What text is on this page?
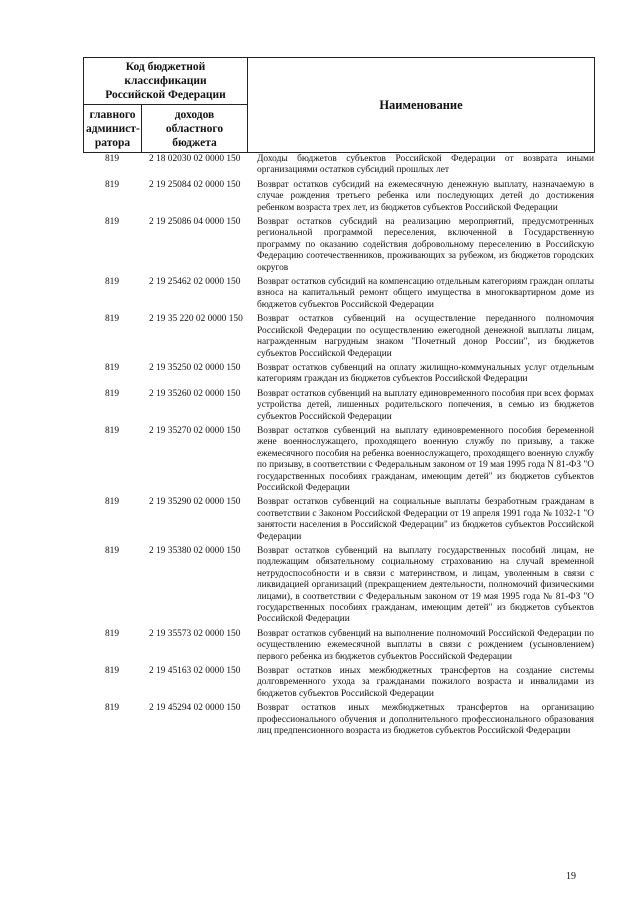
Код бюджетной классификации Российской Федерации		Наименование
главного админист-ратора	доходов областного бюджета	
819	2 18 02030 02 0000 150	Доходы бюджетов субъектов Российской Федерации от возврата иными организациями остатков субсидий прошлых лет
819	2 19 25084 02 0000 150	Возврат остатков субсидий на ежемесячную денежную выплату, назначаемую в случае рождения третьего ребенка или последующих детей до достижения ребенком возраста трех лет, из бюджетов субъектов Российской Федерации
819	2 19 25086 04 0000 150	Возврат остатков субсидий на реализацию мероприятий, предусмотренных региональной программой переселения, включенной в Государственную программу по оказанию содействия добровольному переселению в Российскую Федерацию соотечественников, проживающих за рубежом, из бюджетов городских округов
819	2 19 25462 02 0000 150	Возврат остатков субсидий на компенсацию отдельным категориям граждан оплаты взноса на капитальный ремонт общего имущества в многоквартирном доме из бюджетов субъектов Российской Федерации
819	2 19 35 220 02 0000 150	Возврат остатков субвенций на осуществление переданного полномочия Российской Федерации по осуществлению ежегодной денежной выплаты лицам, награжденным нагрудным знаком "Почетный донор России", из бюджетов субъектов Российской Федерации
819	2 19 35250 02 0000 150	Возврат остатков субвенций на оплату жилищно-коммунальных услуг отдельным категориям граждан из бюджетов субъектов Российской Федерации
819	2 19 35260 02 0000 150	Возврат остатков субвенций на выплату единовременного пособия при всех формах устройства детей, лишенных родительского попечения, в семью из бюджетов субъектов Российской Федерации
819	2 19 35270 02 0000 150	Возврат остатков субвенций на выплату единовременного пособия беременной жене военнослужащего, проходящего военную службу по призыву, а также ежемесячного пособия на ребенка военнослужащего, проходящего военную службу по призыву, в соответствии с Федеральным законом от 19 мая 1995 года N 81-ФЗ "О государственных пособиях гражданам, имеющим детей" из бюджетов субъектов Российской Федерации
819	2 19 35290 02 0000 150	Возврат остатков субвенций на социальные выплаты безработным гражданам в соответствии с Законом Российской Федерации от 19 апреля 1991 года № 1032-1 "О занятости населения в Российской Федерации" из бюджетов субъектов Российской Федерации
819	2 19 35380 02 0000 150	Возврат остатков субвенций на выплату государственных пособий лицам, не подлежащим обязательному социальному страхованию на случай временной нетрудоспособности и в связи с материнством, и лицам, уволенным в связи с ликвидацией организаций (прекращением деятельности, полномочий физическими лицами), в соответствии с Федеральным законом от 19 мая 1995 года № 81-ФЗ "О государственных пособиях гражданам, имеющим детей" из бюджетов субъектов Российской Федерации
819	2 19 35573 02 0000 150	Возврат остатков субвенций на выполнение полномочий Российской Федерации по осуществлению ежемесячной выплаты в связи с рождением (усыновлением) первого ребенка из бюджетов субъектов Российской Федерации
819	2 19 45163 02 0000 150	Возврат остатков иных межбюджетных трансфертов на создание системы долговременного ухода за гражданами пожилого возраста и инвалидами из бюджетов субъектов Российской Федерации
819	2 19 45294 02 0000 150	Возврат остатков иных межбюджетных трансфертов на организацию профессионального обучения и дополнительного профессионального образования лиц предпенсионного возраста из бюджетов субъектов Российской Федерации
19
